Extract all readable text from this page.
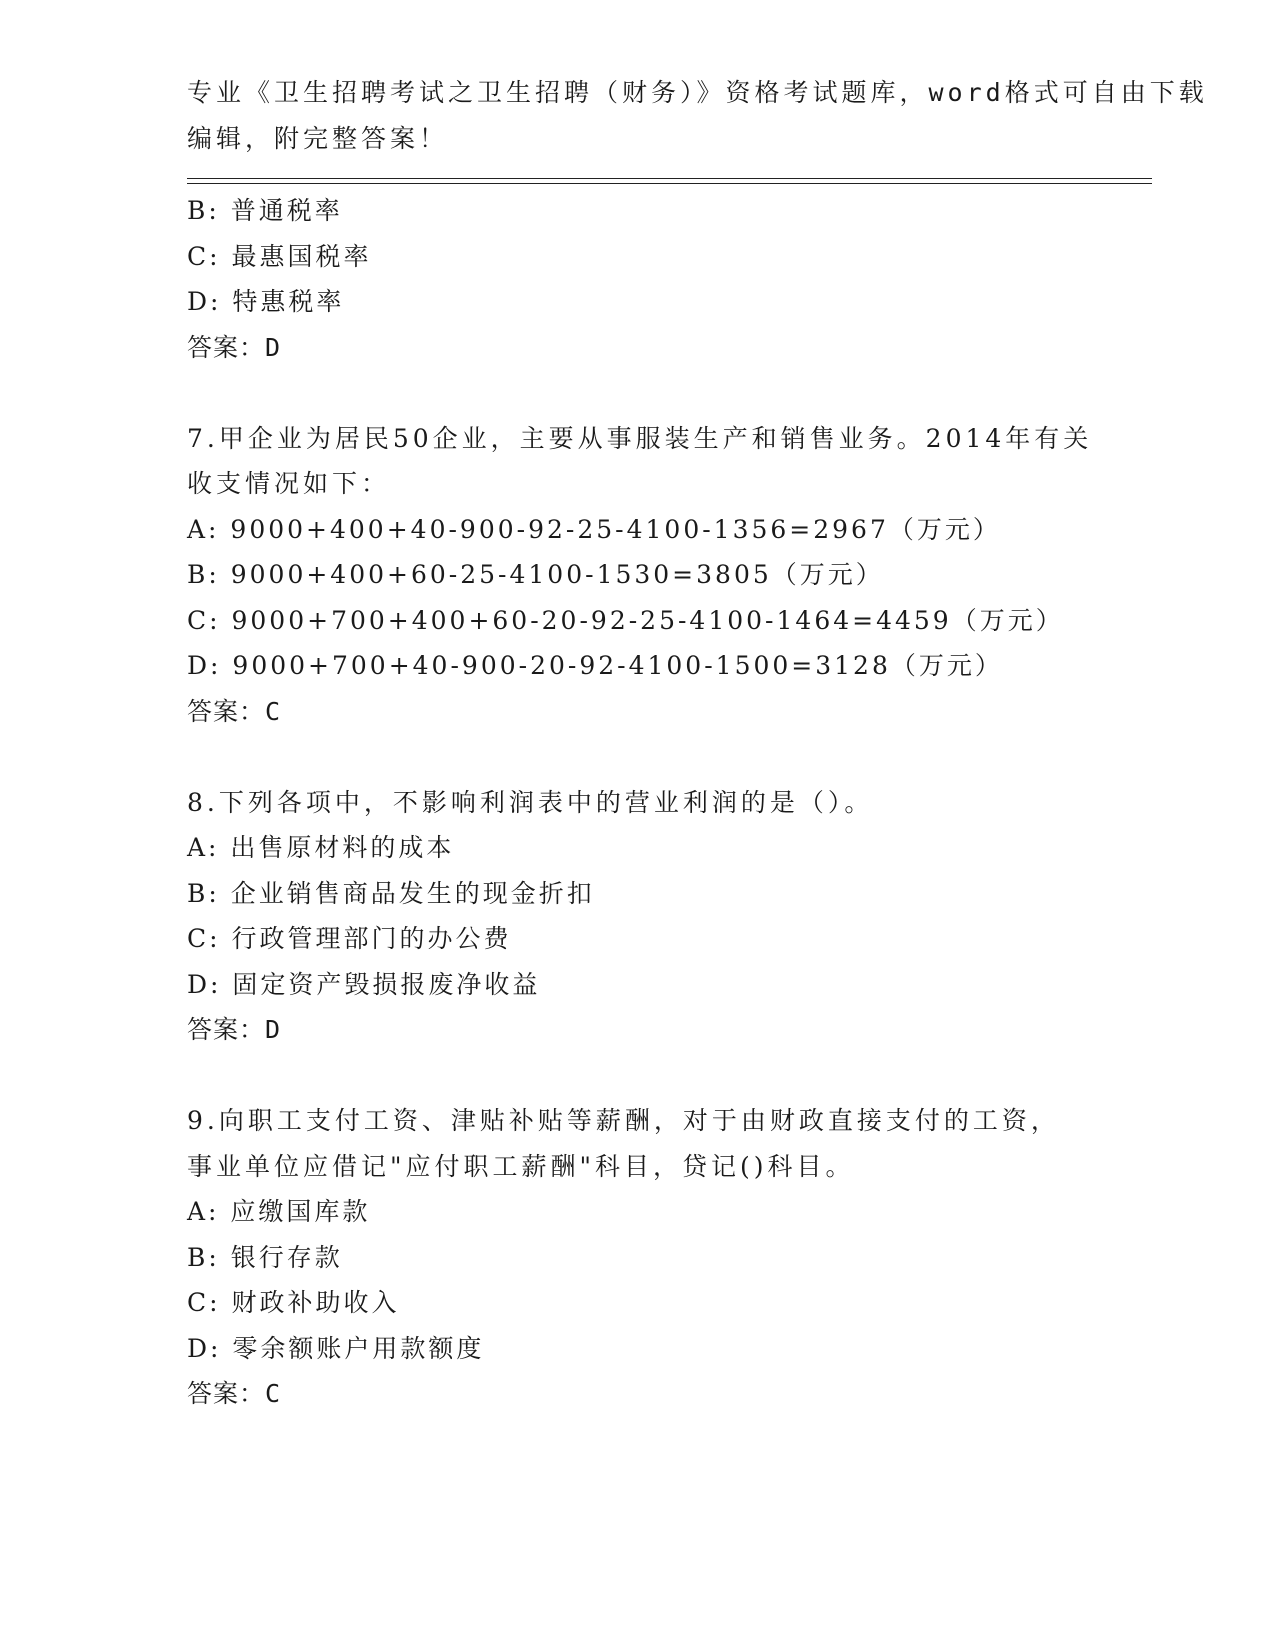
专业《卫生招聘考试之卫生招聘（财务）》资格考试题库，word格式可自由下载
编辑，附完整答案！
B: 普通税率
C: 最惠国税率
D: 特惠税率
答案：D
7.甲企业为居民50企业，主要从事服装生产和销售业务。2014年有关
收支情况如下：
A: 9000+400+40-900-92-25-4100-1356=2967（万元）
B: 9000+400+60-25-4100-1530=3805（万元）
C: 9000+700+400+60-20-92-25-4100-1464=4459（万元）
D: 9000+700+40-900-20-92-4100-1500=3128（万元）
答案：C
8.下列各项中，不影响利润表中的营业利润的是（）。
A: 出售原材料的成本
B: 企业销售商品发生的现金折扣
C: 行政管理部门的办公费
D: 固定资产毁损报废净收益
答案：D
9.向职工支付工资、津贴补贴等薪酬，对于由财政直接支付的工资，
事业单位应借记"应付职工薪酬"科目，贷记()科目。
A: 应缴国库款
B: 银行存款
C: 财政补助收入
D: 零余额账户用款额度
答案：C
